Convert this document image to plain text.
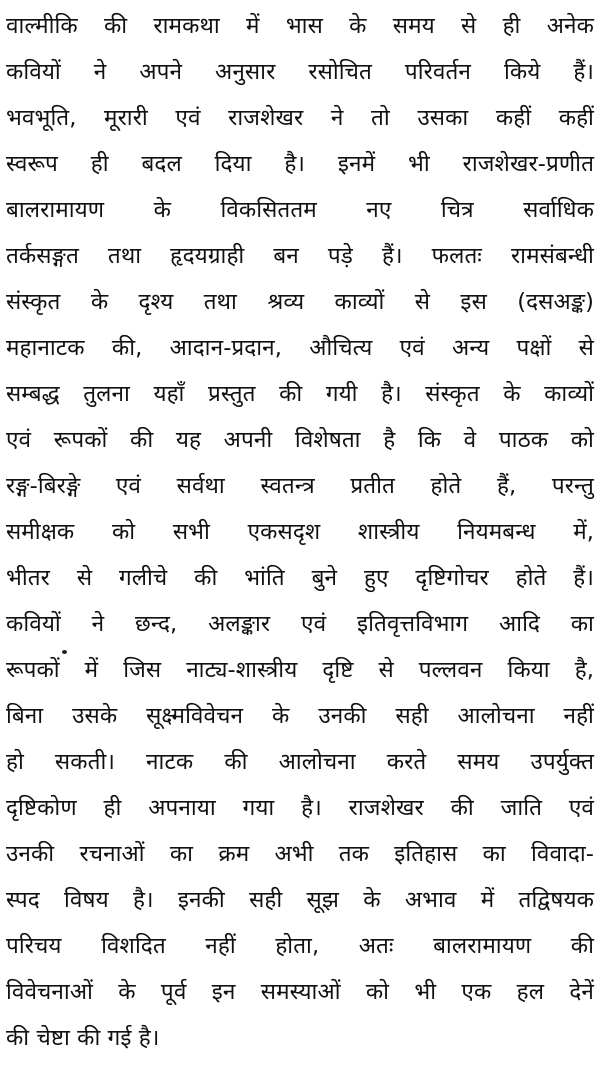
वाल्मीकि की रामकथा में भास के समय से ही अनेक
कवियों ने अपने अनुसार रसोचित परिवर्तन किये हैं।
भवभूति, मूरारी एवं राजशेखर ने तो उसका कहीं कहीं
स्वरूप ही बदल दिया है। इनमें भी राजशेखर-प्रणीत
बालरामायण के विकसिततम नए चित्र सर्वाधिक
तर्कसङ्गत तथा हृदयग्राही बन पड़े हैं। फलतः रामसंबन्धी
संस्कृत के दृश्य तथा श्रव्य काव्यों से इस (दसअङ्क)
महानाटक की, आदान-प्रदान, औचित्य एवं अन्य पक्षों से
सम्बद्ध तुलना यहाँ प्रस्तुत की गयी है। संस्कृत के काव्यों
एवं रूपकों की यह अपनी विशेषता है कि वे पाठक को
रङ्ग-बिरङ्गे एवं सर्वथा स्वतन्त्र प्रतीत होते हैं, परन्तु
समीक्षक को सभी एकसदृश शास्त्रीय नियमबन्ध में,
भीतर से गलीचे की भांति बुने हुए दृष्टिगोचर होते हैं।
कवियों ने छन्द, अलङ्कार एवं इतिवृत्तविभाग आदि का
रूपकों में जिस नाट्य-शास्त्रीय दृष्टि से पल्लवन किया है,
बिना उसके सूक्ष्मविवेचन के उनकी सही आलोचना नहीं
हो सकती। नाटक की आलोचना करते समय उपर्युक्त
दृष्टिकोण ही अपनाया गया है। राजशेखर की जाति एवं
उनकी रचनाओं का क्रम अभी तक इतिहास का विवादा-
स्पद विषय है। इनकी सही सूझ के अभाव में तद्विषयक
परिचय विशदित नहीं होता, अतः बालरामायण की
विवेचनाओं के पूर्व इन समस्याओं को भी एक हल देनें
की चेष्टा की गई है।
